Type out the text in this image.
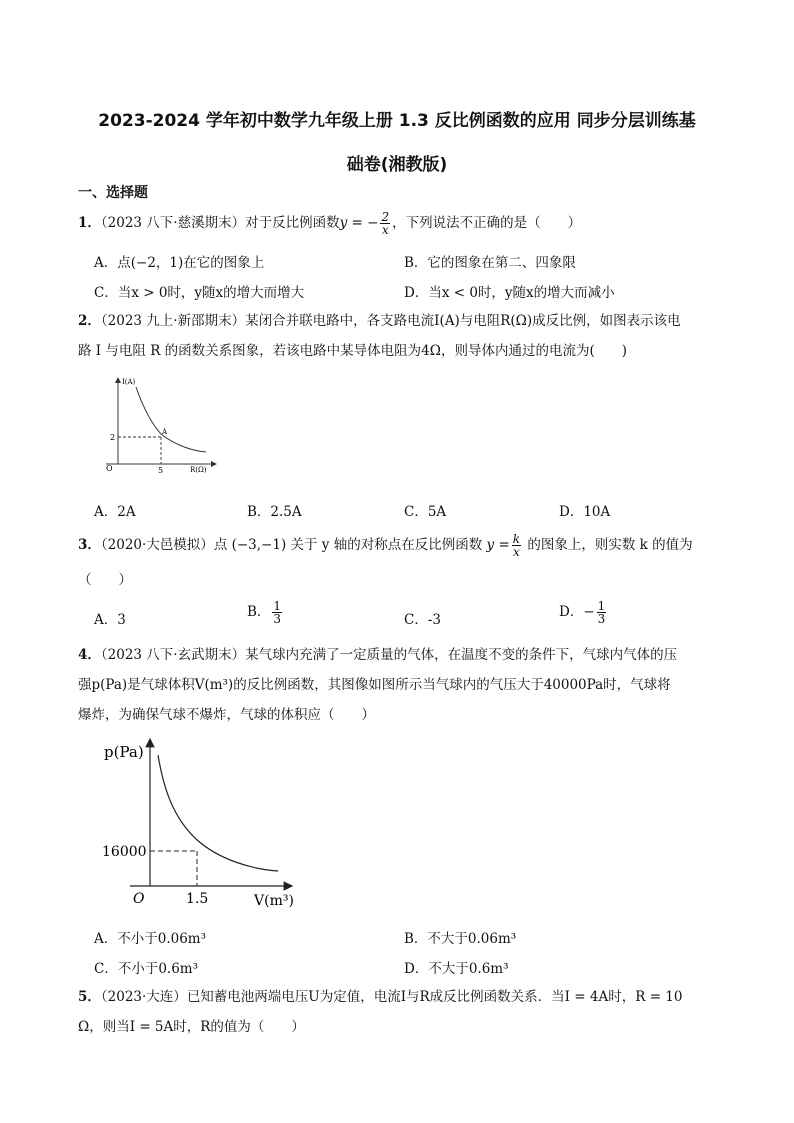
2023-2024 学年初中数学九年级上册 1.3 反比例函数的应用 同步分层训练基
础卷(湘教版)
一、选择题
1．（2023 八下·慈溪期末）对于反比例函数y = − $\frac{2}{x}$ ，下列说法不正确的是（　　）
A．点(−2，1)在它的图象上	B．它的图象在第二、四象限
C．当x > 0时，y随x的增大而增大	D．当x < 0时，y随x的增大而减小
2．（2023 九上·新邵期末）某闭合并联电路中，各支路电流I(A)与电阻R(Ω)成反比例，如图表示该电
路 I 与电阻 R 的函数关系图象，若该电路中某导体电阻为4Ω，则导体内通过的电流为(　　)
I(A)
R(Ω)
O
2
5
A
A．2A	B．2.5A	C．5A	D．10A
3．（2020·大邑模拟）点 (−3,−1) 关于 y 轴的对称点在反比例函数 $y = \frac{k}{x}$ 的图象上，则实数 k 的值为
（　　）
A．3	B． $\frac{1}{3}$	C．-3	D．− $\frac{1}{3}$
4．（2023 八下·玄武期末）某气球内充满了一定质量的气体，在温度不变的条件下，气球内气体的压
强p(Pa)是气球体积V(m³)的反比例函数，其图像如图所示当气球内的气压大于40000Pa时，气球将
爆炸，为确保气球不爆炸，气球的体积应（　　）
p(Pa)
V(m³)
O
16000
1.5
A．不小于0.06m³	B．不大于0.06m³
C．不小于0.6m³	D．不大于0.6m³
5．（2023·大连）已知蓄电池两端电压U为定值，电流I与R成反比例函数关系．当I = 4A时，R = 10
Ω，则当I = 5A时，R的值为（　　）
